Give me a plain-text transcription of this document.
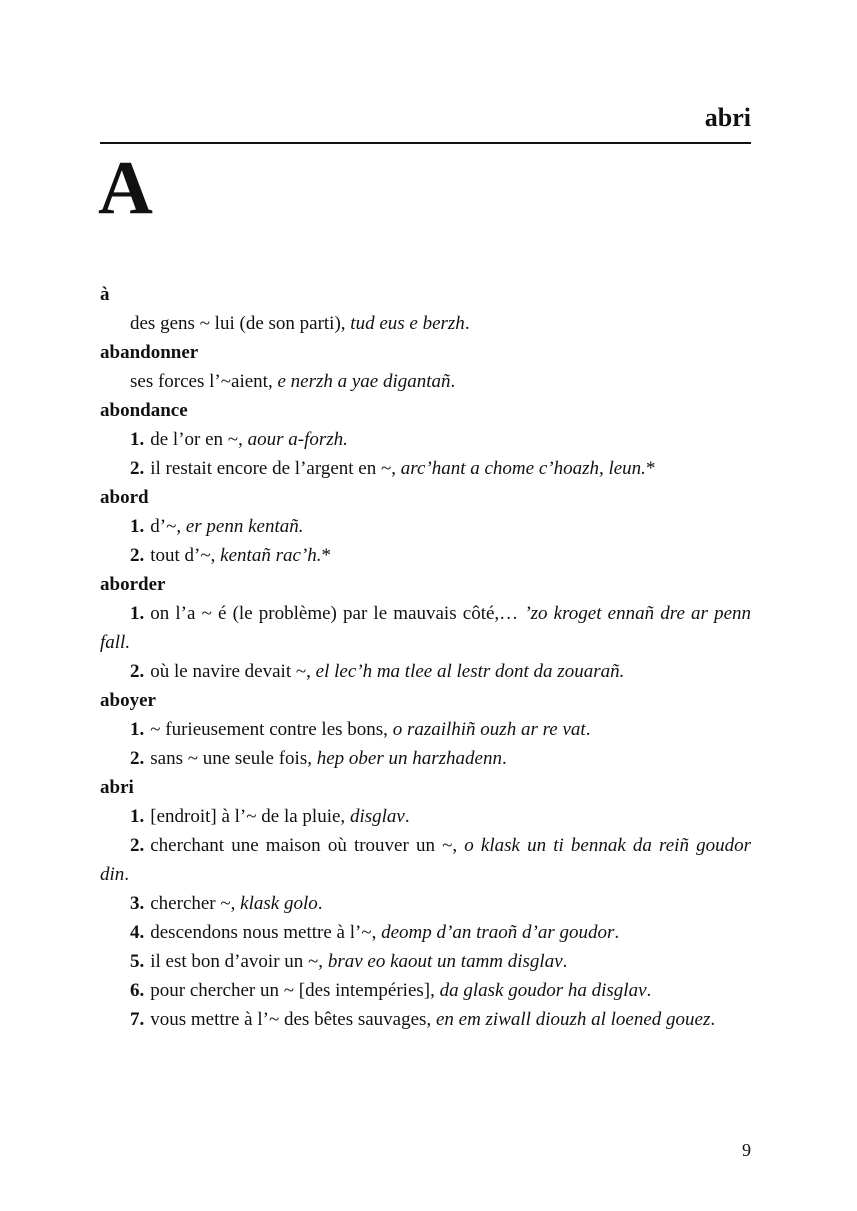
abri
A

à

des gens ~ lui (de son parti), tud eus e berzh.

abandonner

ses forces l’~aient, e nerzh a yae digantañ.

abondance

1. de l’or en ~, aour a-forzh.

2. il restait encore de l’argent en ~, arc’hant a chome c’hoazh, leun.*

abord

1. d’~, er penn kentañ.

2. tout d’~, kentañ rac’h.*

aborder

1. on l’a ~ é (le problème) par le mauvais côté,… ’zo kroget ennañ dre ar penn fall.

2. où le navire devait ~, el lec’h ma tlee al lestr dont da zouarañ.

aboyer

1. ~ furieusement contre les bons, o razailhiñ ouzh ar re vat.

2. sans ~ une seule fois, hep ober un harzhadenn.

abri

1. [endroit] à l’~ de la pluie, disglav.

2. cherchant une maison où trouver un ~, o klask un ti bennak da reiñ goudor din.

3. chercher ~, klask golo.

4. descendons nous mettre à l’~, deomp d’an traoñ d’ar goudor.

5. il est bon d’avoir un ~, brav eo kaout un tamm disglav.

6. pour chercher un ~ [des intempéries], da glask goudor ha disglav.

7. vous mettre à l’~ des bêtes sauvages, en em ziwall diouzh al loened gouez.

9
